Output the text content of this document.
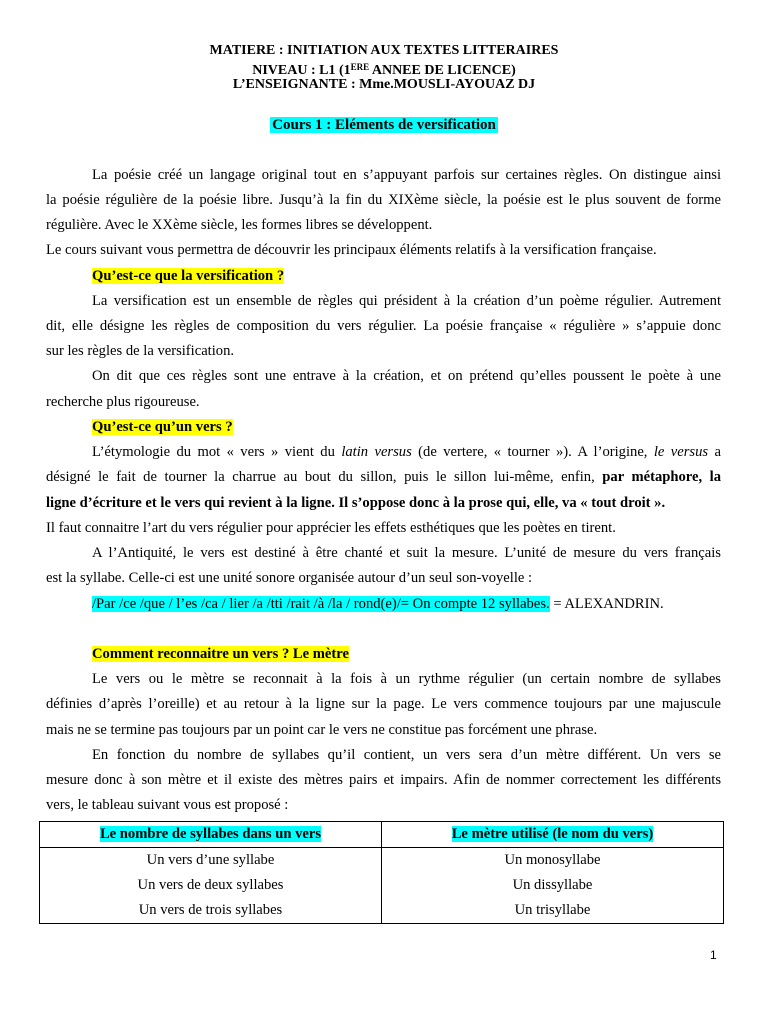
MATIERE : INITIATION AUX TEXTES LITTERAIRES
NIVEAU : L1 (1ERE ANNEE DE LICENCE)
L’ENSEIGNANTE : Mme.MOUSLI-AYOUAZ DJ
Cours 1 : Eléments de versification
La poésie créé un langage original tout en s’appuyant parfois sur certaines règles. On distingue ainsi
la poésie régulière de la poésie libre. Jusqu’à la fin du XIXème siècle, la poésie est le plus souvent de forme
régulière. Avec le XXème siècle, les formes libres se développent.
Le cours suivant vous permettra de découvrir les principaux éléments relatifs à la versification française.
Qu’est-ce que la versification ?
La versification est un ensemble de règles qui président à la création d’un poème régulier. Autrement
dit, elle désigne les règles de composition du vers régulier. La poésie française « régulière » s’appuie donc
sur les règles de la versification.
On dit que ces règles sont une entrave à la création, et on prétend qu’elles poussent le poète à une
recherche plus rigoureuse.
Qu’est-ce qu’un vers ?
L’étymologie du mot « vers » vient du latin versus (de vertere, « tourner »). A l’origine, le versus a
désigné le fait de tourner la charrue au bout du sillon, puis le sillon lui-même, enfin, par métaphore, la
ligne d’écriture et le vers qui revient à la ligne. Il s’oppose donc à la prose qui, elle, va « tout droit ».
Il faut connaitre l’art du vers régulier pour apprécier les effets esthétiques que les poètes en tirent.
A l’Antiquité, le vers est destiné à être chanté et suit la mesure. L’unité de mesure du vers français
est la syllabe. Celle-ci est une unité sonore organisée autour d’un seul son-voyelle :
/Par /ce /que / l’es /ca / lier /a /tti /rait /à /la / rond(e)/= On compte 12 syllabes. = ALEXANDRIN.
Comment reconnaitre un vers ? Le mètre
Le vers ou le mètre se reconnait à la fois à un rythme régulier (un certain nombre de syllabes
définies d’après l’oreille) et au retour à la ligne sur la page. Le vers commence toujours par une majuscule
mais ne se termine pas toujours par un point car le vers ne constitue pas forcément une phrase.
En fonction du nombre de syllabes qu’il contient, un vers sera d’un mètre différent. Un vers se
mesure donc à son mètre et il existe des mètres pairs et impairs. Afin de nommer correctement les différents
vers, le tableau suivant vous est proposé :
Le nombre de syllabes dans un vers	Le mètre utilisé (le nom du vers)
Un vers d’une syllabe	Un monosyllabe
Un vers de deux syllabes	Un dissyllabe
Un vers de trois syllabes	Un trisyllabe
1
